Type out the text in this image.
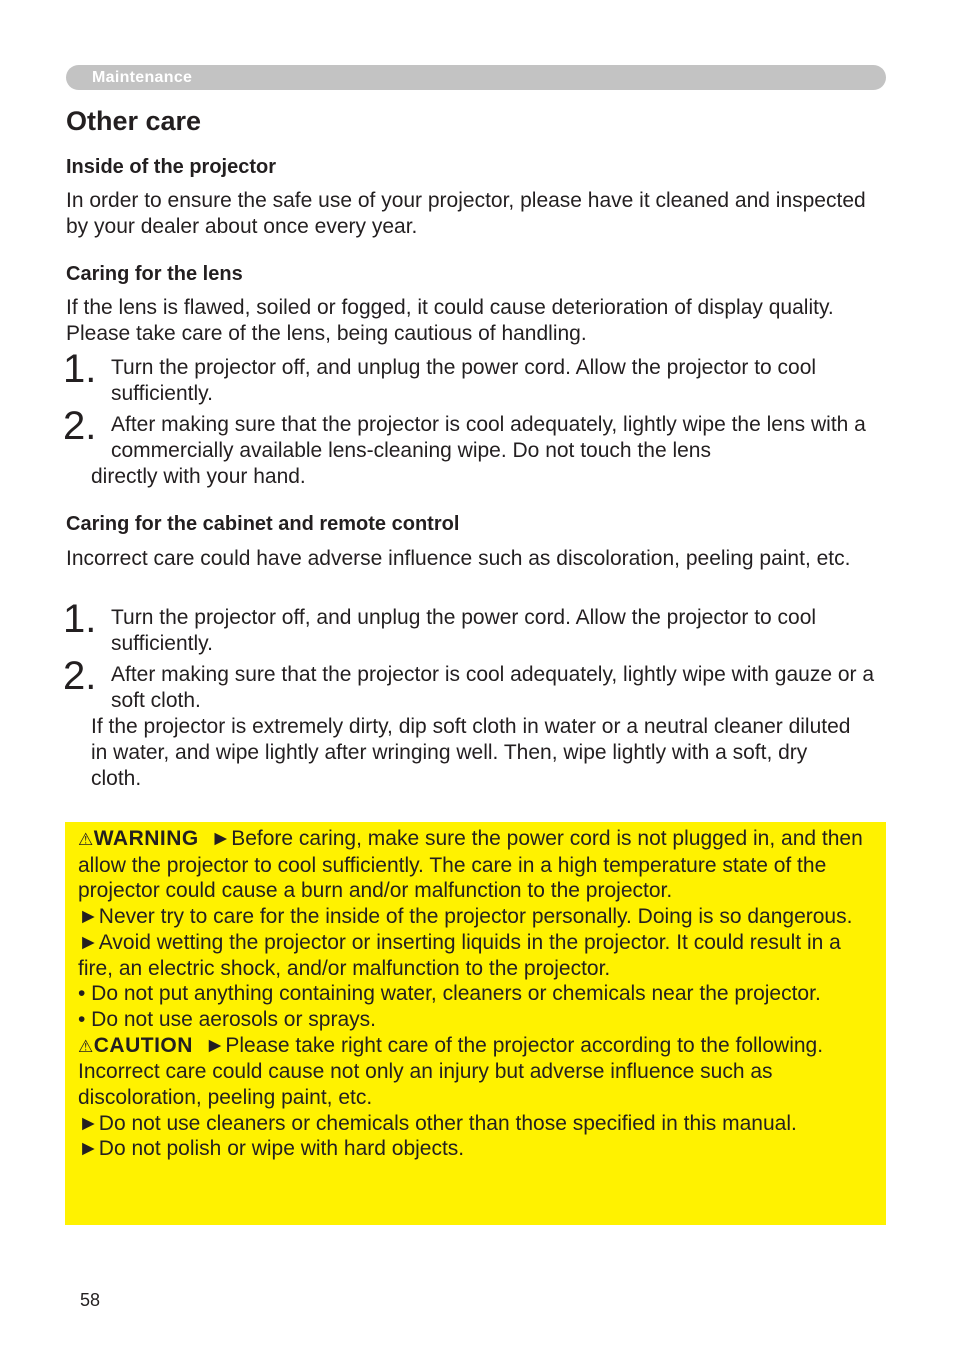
Maintenance
Other care
Inside of the projector

In order to ensure the safe use of your projector, please have it cleaned and inspected by your dealer about once every year.

Caring for the lens

If the lens is flawed, soiled or fogged, it could cause deterioration of display quality. Please take care of the lens, being cautious of handling.

1. Turn the projector off, and unplug the power cord. Allow the projector to cool sufficiently.
2. After making sure that the projector is cool adequately, lightly wipe the lens with a commercially available lens-cleaning wipe. Do not touch the lens
directly with your hand.
Caring for the cabinet and remote control

Incorrect care could have adverse influence such as discoloration, peeling paint, etc.

1. Turn the projector off, and unplug the power cord. Allow the projector to cool sufficiently.
2. After making sure that the projector is cool adequately, lightly wipe with gauze or a soft cloth.
If the projector is extremely dirty, dip soft cloth in water or a neutral cleaner diluted in water, and wipe lightly after wringing well. Then, wipe lightly with a soft, dry cloth.

⚠WARNING ►Before caring, make sure the power cord is not plugged in, and then allow the projector to cool sufficiently. The care in a high temperature state of the projector could cause a burn and/or malfunction to the projector.

►Never try to care for the inside of the projector personally. Doing is so dangerous.

►Avoid wetting the projector or inserting liquids in the projector. It could result in a fire, an electric shock, and/or malfunction to the projector.

• Do not put anything containing water, cleaners or chemicals near the projector.

• Do not use aerosols or sprays.

⚠CAUTION ►Please take right care of the projector according to the following. Incorrect care could cause not only an injury but adverse influence such as discoloration, peeling paint, etc.

►Do not use cleaners or chemicals other than those specified in this manual.

►Do not polish or wipe with hard objects.

58
